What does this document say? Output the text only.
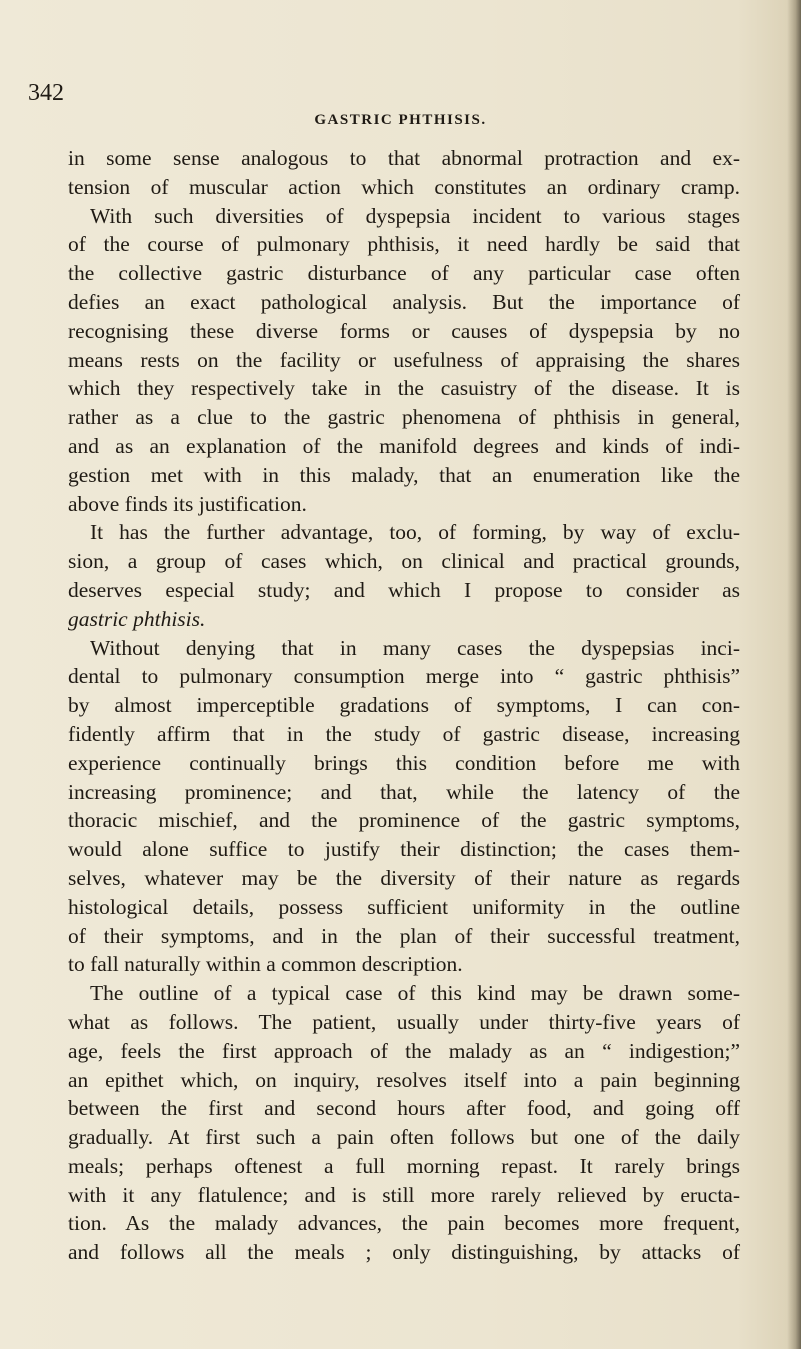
342
GASTRIC PHTHISIS.
in some sense analogous to that abnormal protraction and ex-
tension of muscular action which constitutes an ordinary cramp.
With such diversities of dyspepsia incident to various stages
of the course of pulmonary phthisis, it need hardly be said that
the collective gastric disturbance of any particular case often
defies an exact pathological analysis. But the importance of
recognising these diverse forms or causes of dyspepsia by no
means rests on the facility or usefulness of appraising the shares
which they respectively take in the casuistry of the disease. It is
rather as a clue to the gastric phenomena of phthisis in general,
and as an explanation of the manifold degrees and kinds of indi-
gestion met with in this malady, that an enumeration like the
above finds its justification.
It has the further advantage, too, of forming, by way of exclu-
sion, a group of cases which, on clinical and practical grounds,
deserves especial study; and which I propose to consider as
gastric phthisis.
Without denying that in many cases the dyspepsias inci-
dental to pulmonary consumption merge into “ gastric phthisis”
by almost imperceptible gradations of symptoms, I can con-
fidently affirm that in the study of gastric disease, increasing
experience continually brings this condition before me with
increasing prominence; and that, while the latency of the
thoracic mischief, and the prominence of the gastric symptoms,
would alone suffice to justify their distinction; the cases them-
selves, whatever may be the diversity of their nature as regards
histological details, possess sufficient uniformity in the outline
of their symptoms, and in the plan of their successful treatment,
to fall naturally within a common description.
The outline of a typical case of this kind may be drawn some-
what as follows. The patient, usually under thirty-five years of
age, feels the first approach of the malady as an “ indigestion;”
an epithet which, on inquiry, resolves itself into a pain beginning
between the first and second hours after food, and going off
gradually. At first such a pain often follows but one of the daily
meals; perhaps oftenest a full morning repast. It rarely brings
with it any flatulence; and is still more rarely relieved by eructa-
tion. As the malady advances, the pain becomes more frequent,
and follows all the meals ; only distinguishing, by attacks of
